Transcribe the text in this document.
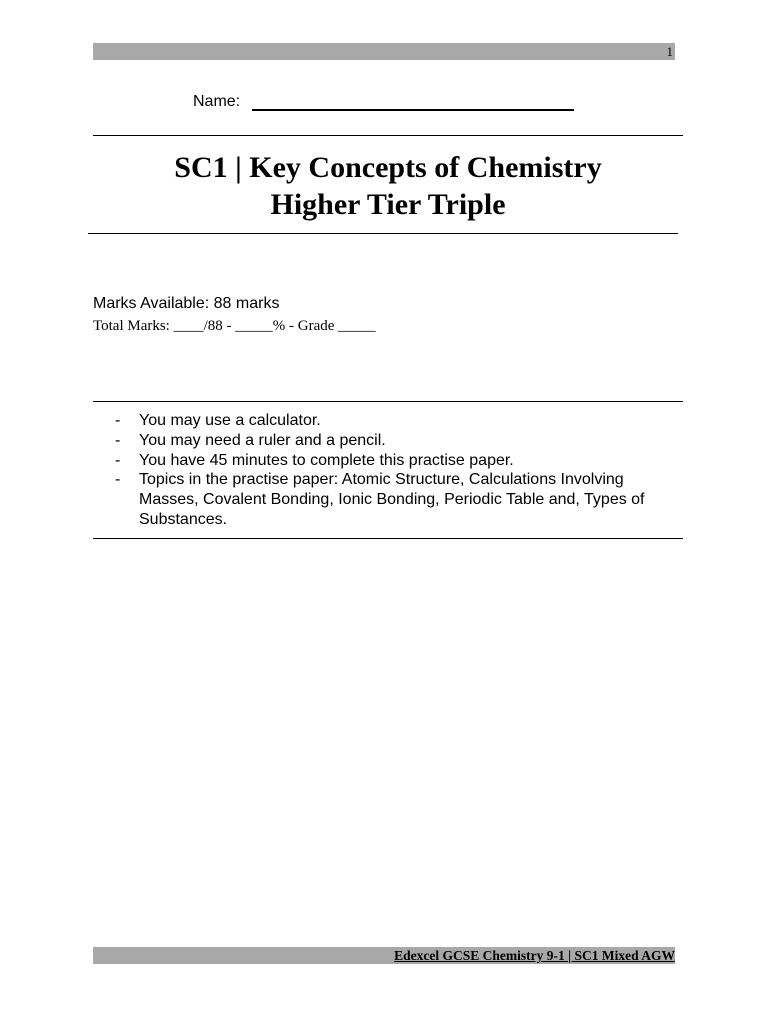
1
Name:
SC1 | Key Concepts of Chemistry
Higher Tier Triple
Marks Available: 88 marks
Total Marks: ____/88 - _____% - Grade _____
- You may use a calculator.
- You may need a ruler and a pencil.
- You have 45 minutes to complete this practise paper.
- Topics in the practise paper: Atomic Structure, Calculations Involving Masses, Covalent Bonding, Ionic Bonding, Periodic Table and, Types of Substances.
Edexcel GCSE Chemistry 9-1 | SC1 Mixed AGW
